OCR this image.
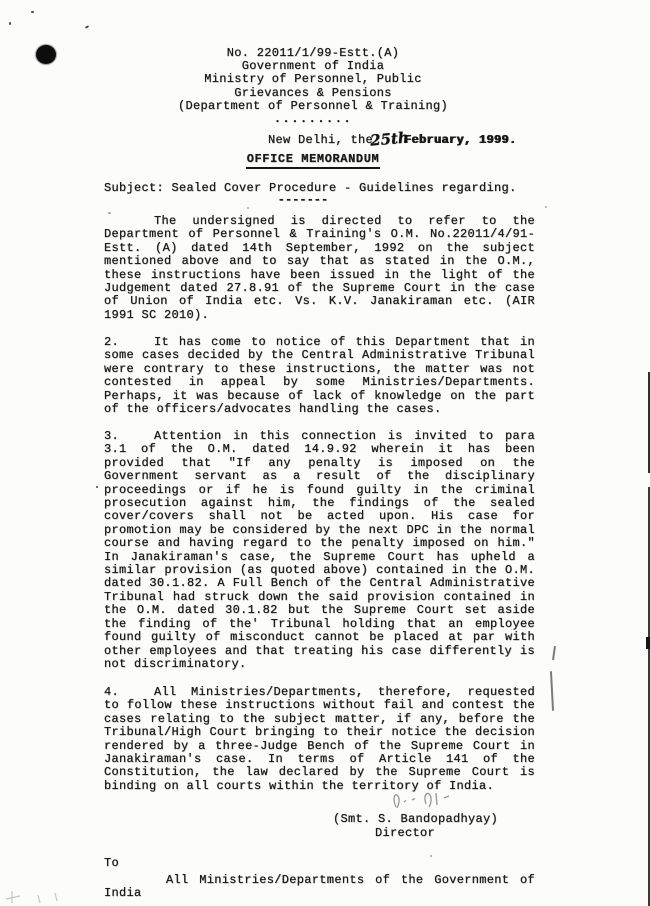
No. 22011/1/99-Estt.(A)
Government of India
Ministry of Personnel, Public
Grievances & Pensions
(Department of Personnel & Training)
.........
New Delhi, the25thFebruary, 1999.
OFFICE MEMORANDUM
Subject: Sealed Cover Procedure - Guidelines regarding.
-------
The undersigned is directed to refer to the Department of Personnel & Training's O.M. No.22011/4/91-Estt. (A) dated 14th September, 1992 on the subject mentioned above and to say that as stated in the O.M., these instructions have been issued in the light of the Judgement dated 27.8.91 of the Supreme Court in the case of Union of India etc. Vs. K.V. Janakiraman etc. (AIR 1991 SC 2010).
2.	It has come to notice of this Department that in some cases decided by the Central Administrative Tribunal were contrary to these instructions, the matter was not contested in appeal by some Ministries/Departments. Perhaps, it was because of lack of knowledge on the part of the officers/advocates handling the cases.
3.	Attention in this connection is invited to para 3.1 of the O.M. dated 14.9.92 wherein it has been provided that "If any penalty is imposed on the Government servant as a result of the disciplinary proceedings or if he is found guilty in the criminal prosecution against him, the findings of the sealed cover/covers shall not be acted upon. His case for promotion may be considered by the next DPC in the normal course and having regard to the penalty imposed on him." In Janakiraman's case, the Supreme Court has upheld a similar provision (as quoted above) contained in the O.M. dated 30.1.82. A Full Bench of the Central Administrative Tribunal had struck down the said provision contained in the O.M. dated 30.1.82 but the Supreme Court set aside the finding of the' Tribunal holding that an employee found guilty of misconduct cannot be placed at par with other employees and that treating his case differently is not discriminatory.
4.	All Ministries/Departments, therefore, requested to follow these instructions without fail and contest the cases relating to the subject matter, if any, before the Tribunal/High Court bringing to their notice the decision rendered by a three-Judge Bench of the Supreme Court in Janakiraman's case. In terms of Article 141 of the Constitution, the law declared by the Supreme Court is binding on all courts within the territory of India.
(Smt. S. Bandopadhyay)
Director
To
All Ministries/Departments of the Government of India
